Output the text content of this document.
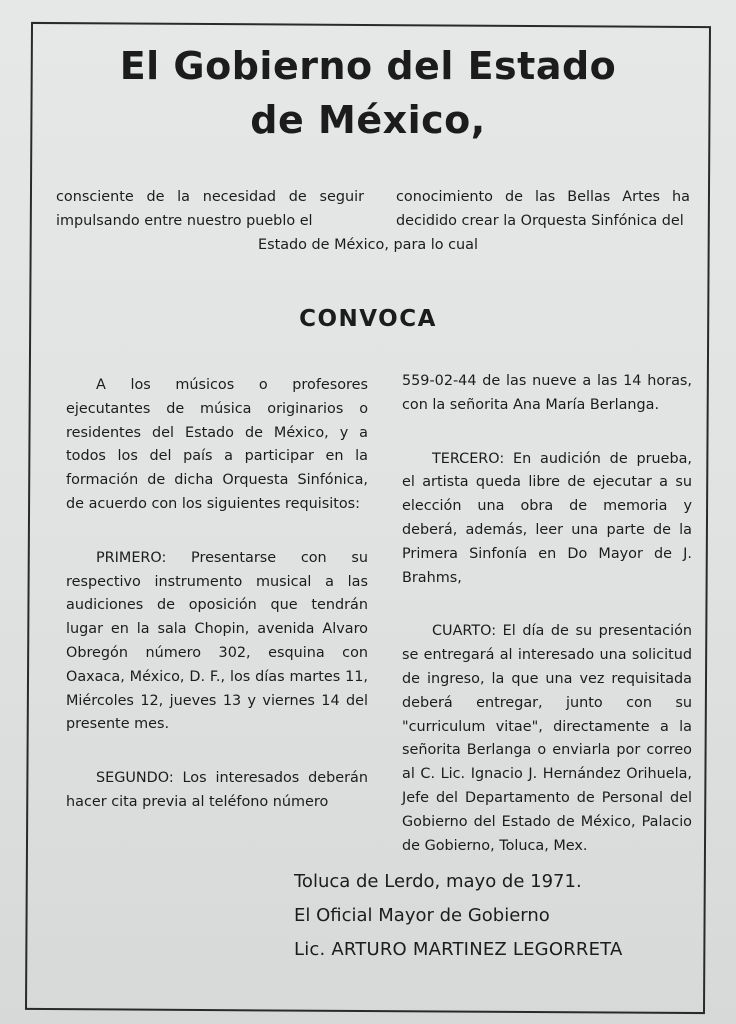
El Gobierno del Estado
de México,

consciente de la necesidad de seguir impulsando entre nuestro pueblo el

conocimiento de las Bellas Artes ha decidido crear la Orquesta Sinfónica del

Estado de México, para lo cual

CONVOCA

A los músicos o profesores ejecutantes de música originarios o residentes del Estado de México, y a todos los del país a participar en la formación de dicha Orquesta Sinfónica, de acuerdo con los siguientes requisitos:

PRIMERO: Presentarse con su respectivo instrumento musical a las audiciones de oposición que tendrán lugar en la sala Chopin, avenida Alvaro Obregón número 302, esquina con Oaxaca, México, D. F., los días martes 11, Miércoles 12, jueves 13 y viernes 14 del presente mes.

SEGUNDO: Los interesados deberán hacer cita previa al teléfono número

559-02-44 de las nueve a las 14 horas, con la señorita Ana María Berlanga.

TERCERO: En audición de prueba, el artista queda libre de ejecutar a su elección una obra de memoria y deberá, además, leer una parte de la Primera Sinfonía en Do Mayor de J. Brahms,

CUARTO: El día de su presentación se entregará al interesado una solicitud de ingreso, la que una vez requisitada deberá entregar, junto con su "curriculum vitae", directamente a la señorita Berlanga o enviarla por correo al C. Lic. Ignacio J. Hernández Orihuela, Jefe del Departamento de Personal del Gobierno del Estado de México, Palacio de Gobierno, Toluca, Mex.

Toluca de Lerdo, mayo de 1971.

El Oficial Mayor de Gobierno

Lic. ARTURO MARTINEZ LEGORRETA
